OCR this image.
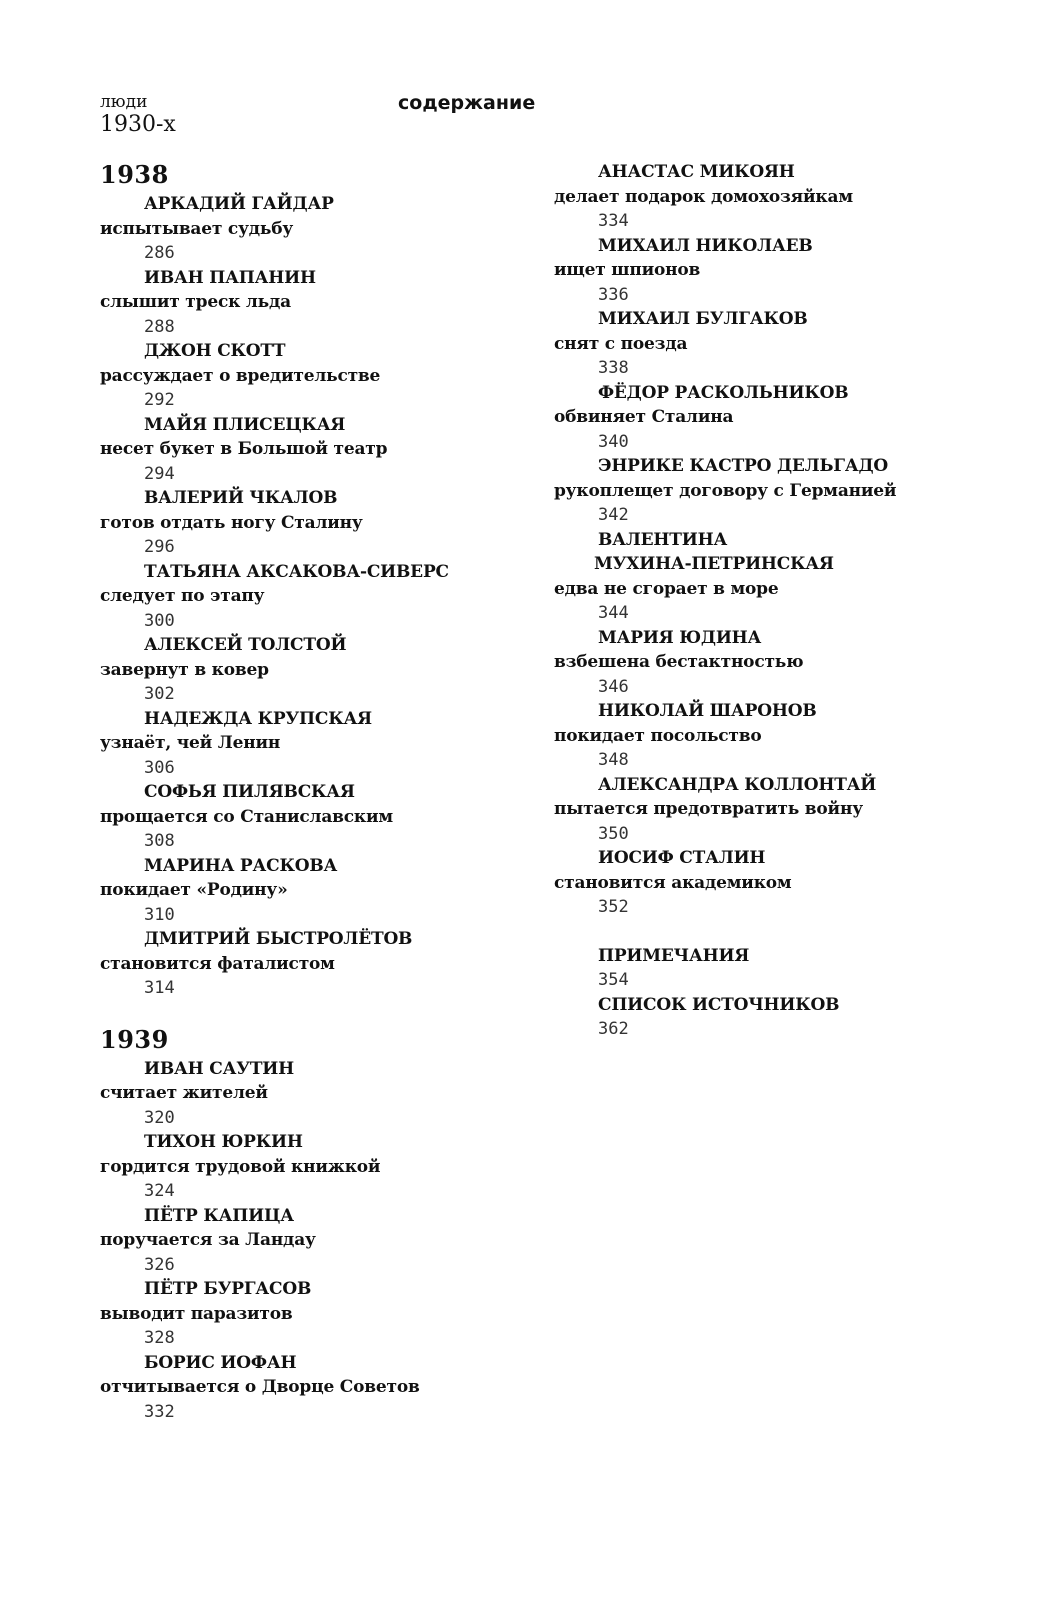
люди
1930-х
содержание
1938
АРКАДИЙ ГАЙДАР
испытывает судьбу
286
ИВАН ПАПАНИН
слышит треск льда
288
ДЖОН СКОТТ
рассуждает о вредительстве
292
МАЙЯ ПЛИСЕЦКАЯ
несет букет в Большой театр
294
ВАЛЕРИЙ ЧКАЛОВ
готов отдать ногу Сталину
296
ТАТЬЯНА АКСАКОВА-СИВЕРС
следует по этапу
300
АЛЕКСЕЙ ТОЛСТОЙ
завернут в ковер
302
НАДЕЖДА КРУПСКАЯ
узнаёт, чей Ленин
306
СОФЬЯ ПИЛЯВСКАЯ
прощается со Станиславским
308
МАРИНА РАСКОВА
покидает «Родину»
310
ДМИТРИЙ БЫСТРОЛЁТОВ
становится фаталистом
314
1939
ИВАН САУТИН
считает жителей
320
ТИХОН ЮРКИН
гордится трудовой книжкой
324
ПЁТР КАПИЦА
поручается за Ландау
326
ПЁТР БУРГАСОВ
выводит паразитов
328
БОРИС ИОФАН
отчитывается о Дворце Советов
332
АНАСТАС МИКОЯН
делает подарок домохозяйкам
334
МИХАИЛ НИКОЛАЕВ
ищет шпионов
336
МИХАИЛ БУЛГАКОВ
снят с поезда
338
ФЁДОР РАСКОЛЬНИКОВ
обвиняет Сталина
340
ЭНРИКЕ КАСТРО ДЕЛЬГАДО
рукоплещет договору с Германией
342
ВАЛЕНТИНА
МУХИНА-ПЕТРИНСКАЯ
едва не сгорает в море
344
МАРИЯ ЮДИНА
взбешена бестактностью
346
НИКОЛАЙ ШАРОНОВ
покидает посольство
348
АЛЕКСАНДРА КОЛЛОНТАЙ
пытается предотвратить войну
350
ИОСИФ СТАЛИН
становится академиком
352
ПРИМЕЧАНИЯ
354
СПИСОК ИСТОЧНИКОВ
362
